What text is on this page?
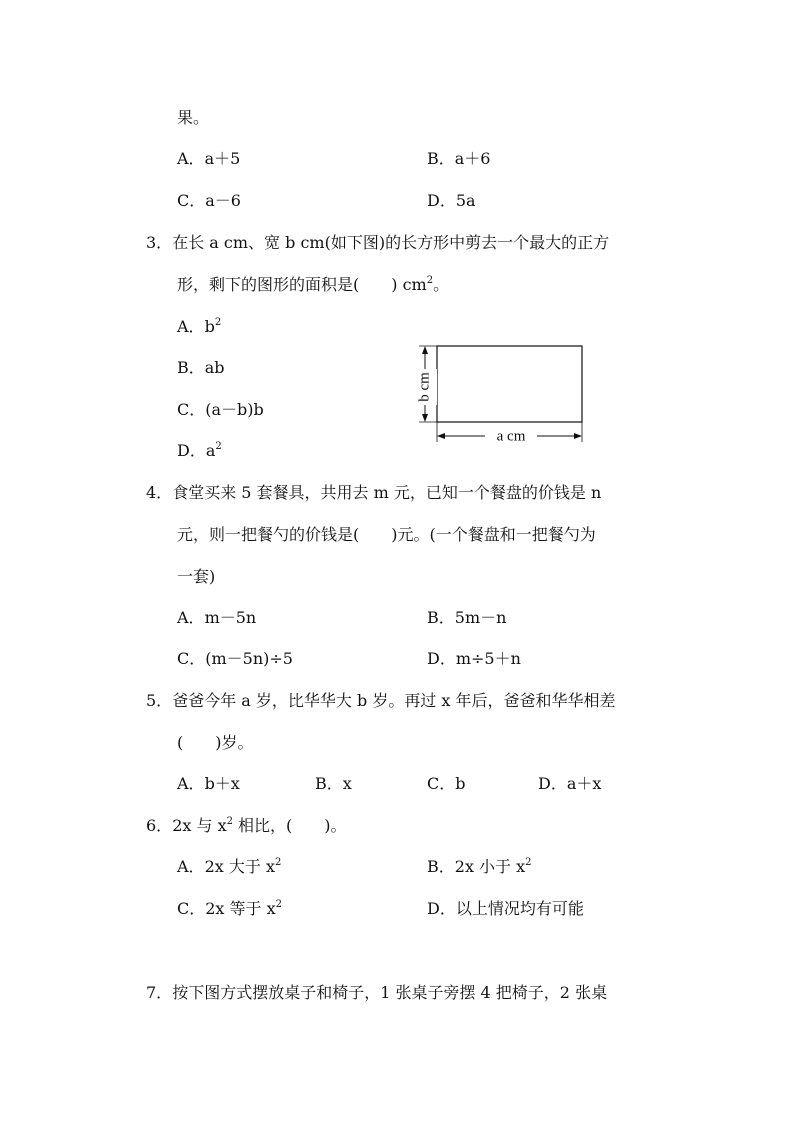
果。
A．a＋5	B．a＋6
C．a－6	D．5a
3．在长 a cm、宽 b cm(如下图)的长方形中剪去一个最大的正方
形，剩下的图形的面积是(　　) $cm^2$。
A．$b^2$
B．ab
C．(a－b)b
D．$a^2$
b cm
a cm
4．食堂买来 5 套餐具，共用去 m 元，已知一个餐盘的价钱是 n
元，则一把餐勺的价钱是(　　)元。(一个餐盘和一把餐勺为
一套)
A．m－5n	B．5m－n
C．(m－5n)÷5	D．m÷5＋n
5．爸爸今年 a 岁，比华华大 b 岁。再过 x 年后，爸爸和华华相差
(　　)岁。
A．b＋x	B．x	C．b	D．a＋x
6．2x 与 $x^2$ 相比，(　　)。
A．2x 大于 $x^2$	B．2x 小于 $x^2$
C．2x 等于 $x^2$	D．以上情况均有可能
7．按下图方式摆放桌子和椅子，1 张桌子旁摆 4 把椅子，2 张桌
